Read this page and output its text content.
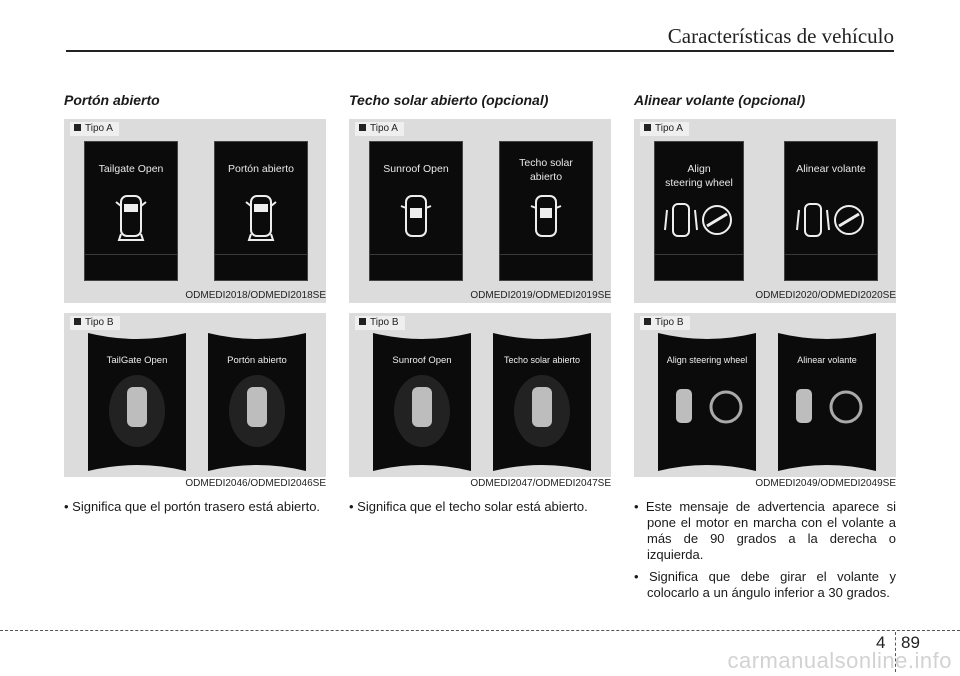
Características de vehículo

Portón abierto

Tipo A
Tailgate Open	Portón abierto
ODMEDI2018/ODMEDI2018SE
Tipo B
TailGate Open	Portón abierto
ODMEDI2046/ODMEDI2046SE

Techo solar abierto (opcional)

Tipo A
Sunroof Open	Techo solar
abierto
ODMEDI2019/ODMEDI2019SE
Tipo B
Sunroof Open	Techo solar abierto
ODMEDI2047/ODMEDI2047SE

Alinear volante (opcional)

Tipo A
Align
steering wheel
Alinear volante
ODMEDI2020/ODMEDI2020SE
Tipo B
Align steering wheel	Alinear volante
ODMEDI2049/ODMEDI2049SE

• Significa que el portón trasero está abierto.	• Significa que el techo solar está abierto.	• Este mensaje de advertencia aparece si pone el motor en marcha con el volante a más de 90 grados a la derecha o izquierda.

• Significa que debe girar el volante y colocarlo a un ángulo inferior a 30 grados.

4 89
carmanualsonline.info
